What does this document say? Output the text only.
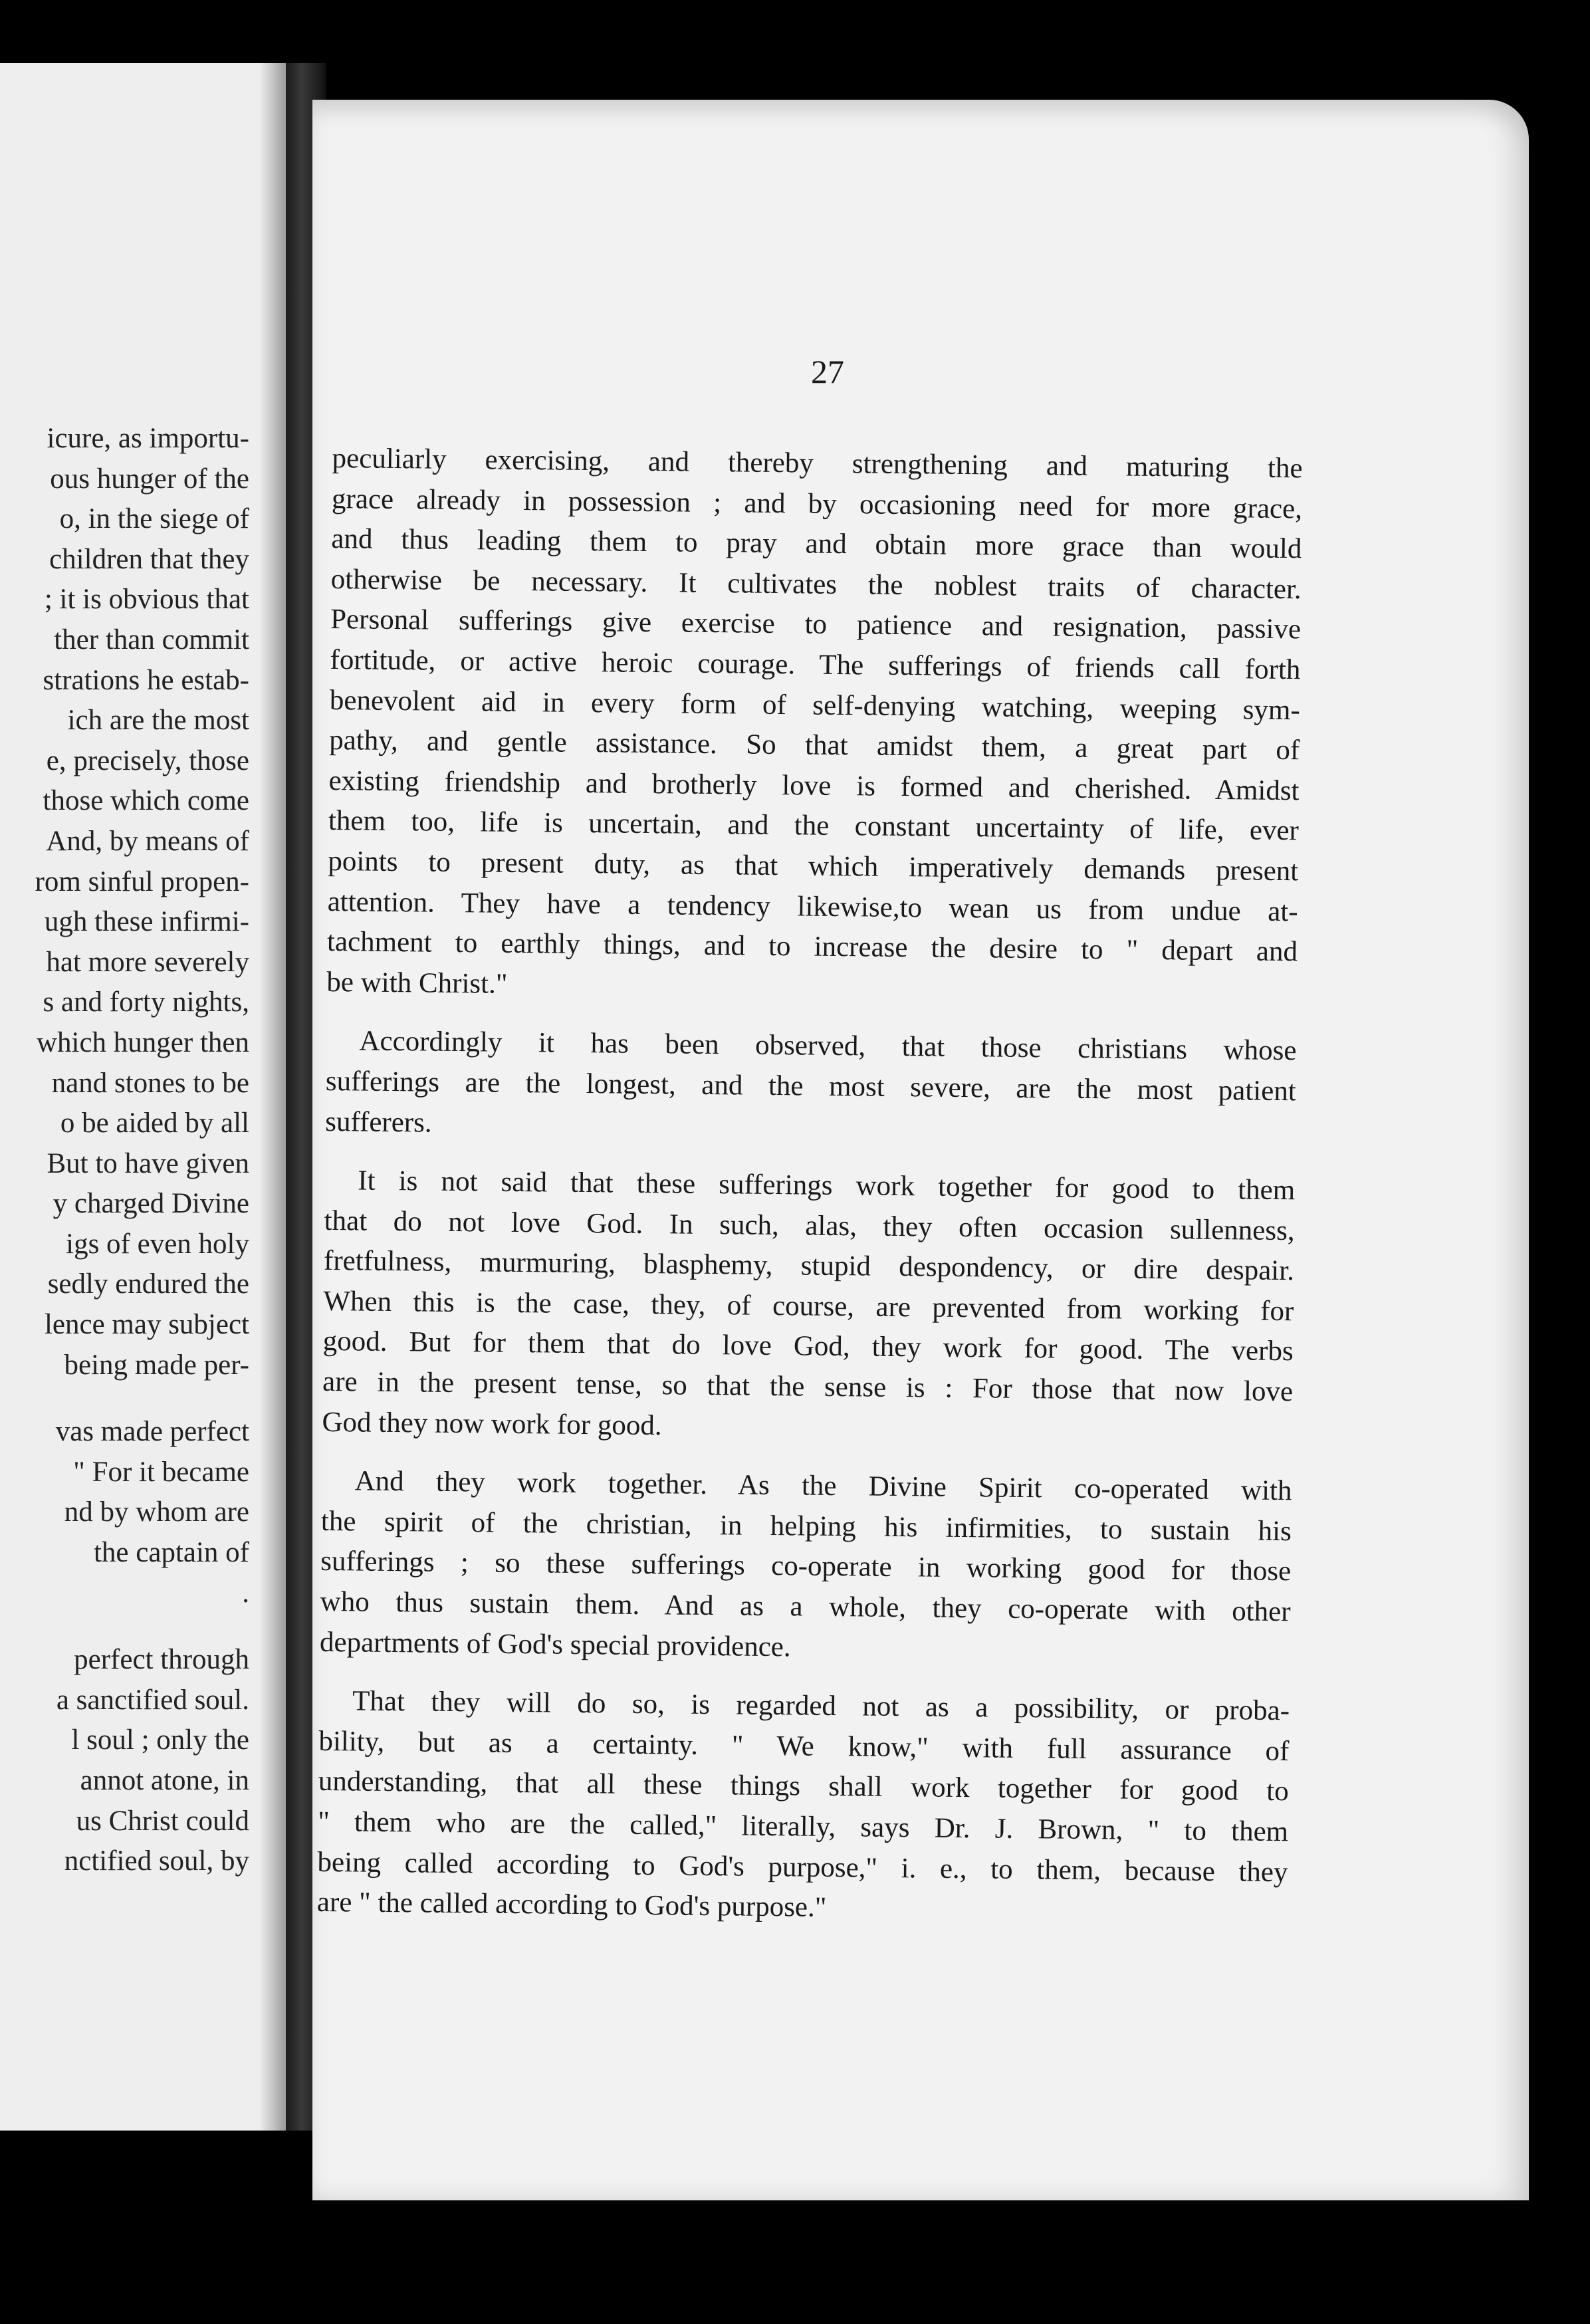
icure, as importu-
ous hunger of the
o, in the siege of
children that they
; it is obvious that
ther than commit
strations he estab-
ich are the most
e, precisely, those
those which come
And, by means of
rom sinful propen-
ugh these infirmi-
hat more severely
s and forty nights,
which hunger then
nand stones to be
o be aided by all
But to have given
y charged Divine
igs of even holy
sedly endured the
lence may subject
being made per-
vas made perfect
" For it became
nd by whom are
the captain of
.
perfect through
a sanctified soul.
l soul ; only the
annot atone, in
us Christ could
nctified soul, by
27
peculiarly exercising, and thereby strengthening and maturing the
grace already in possession ; and by occasioning need for more grace,
and thus leading them to pray and obtain more grace than would
otherwise be necessary. It cultivates the noblest traits of character.
Personal sufferings give exercise to patience and resignation, passive
fortitude, or active heroic courage. The sufferings of friends call forth
benevolent aid in every form of self-denying watching, weeping sym-
pathy, and gentle assistance. So that amidst them, a great part of
existing friendship and brotherly love is formed and cherished. Amidst
them too, life is uncertain, and the constant uncertainty of life, ever
points to present duty, as that which imperatively demands present
attention. They have a tendency likewise,to wean us from undue at-
tachment to earthly things, and to increase the desire to " depart and
be with Christ."
Accordingly it has been observed, that those christians whose
sufferings are the longest, and the most severe, are the most patient
sufferers.
It is not said that these sufferings work together for good to them
that do not love God. In such, alas, they often occasion sullenness,
fretfulness, murmuring, blasphemy, stupid despondency, or dire despair.
When this is the case, they, of course, are prevented from working for
good. But for them that do love God, they work for good. The verbs
are in the present tense, so that the sense is : For those that now love
God they now work for good.
And they work together. As the Divine Spirit co-operated with
the spirit of the christian, in helping his infirmities, to sustain his
sufferings ; so these sufferings co-operate in working good for those
who thus sustain them. And as a whole, they co-operate with other
departments of God's special providence.
That they will do so, is regarded not as a possibility, or proba-
bility, but as a certainty. " We know," with full assurance of
understanding, that all these things shall work together for good to
" them who are the called," literally, says Dr. J. Brown, " to them
being called according to God's purpose," i. e., to them, because they
are " the called according to God's purpose."
